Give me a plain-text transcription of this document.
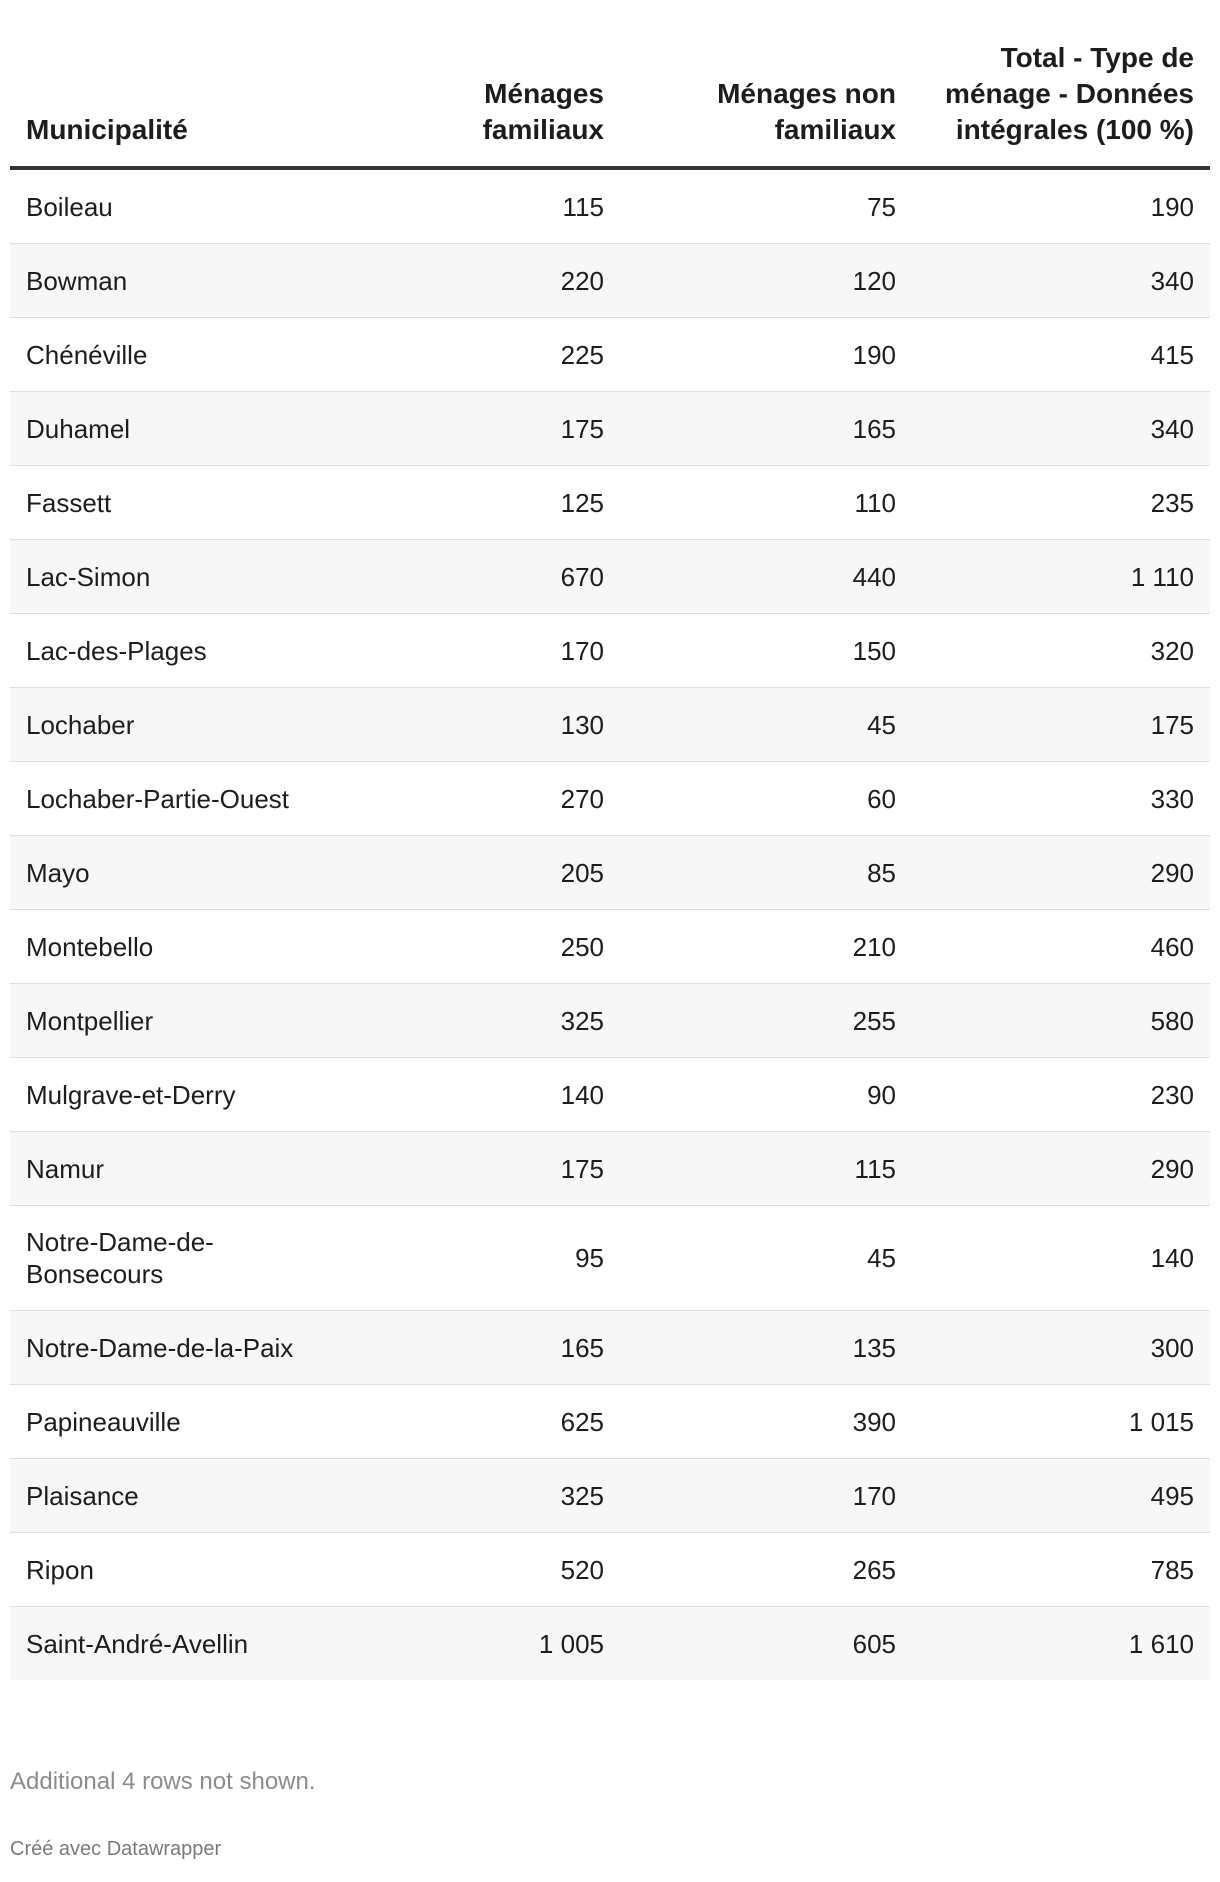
Municipalité	Ménages familiaux	Ménages non familiaux	Total - Type de ménage - Données intégrales (100 %)
Boileau	115	75	190
Bowman	220	120	340
Chénéville	225	190	415
Duhamel	175	165	340
Fassett	125	110	235
Lac-Simon	670	440	1 110
Lac-des-Plages	170	150	320
Lochaber	130	45	175
Lochaber-Partie-Ouest	270	60	330
Mayo	205	85	290
Montebello	250	210	460
Montpellier	325	255	580
Mulgrave-et-Derry	140	90	230
Namur	175	115	290
Notre-Dame-de-Bonsecours	95	45	140
Notre-Dame-de-la-Paix	165	135	300
Papineauville	625	390	1 015
Plaisance	325	170	495
Ripon	520	265	785
Saint-André-Avellin	1 005	605	1 610
Additional 4 rows not shown.
Créé avec Datawrapper
